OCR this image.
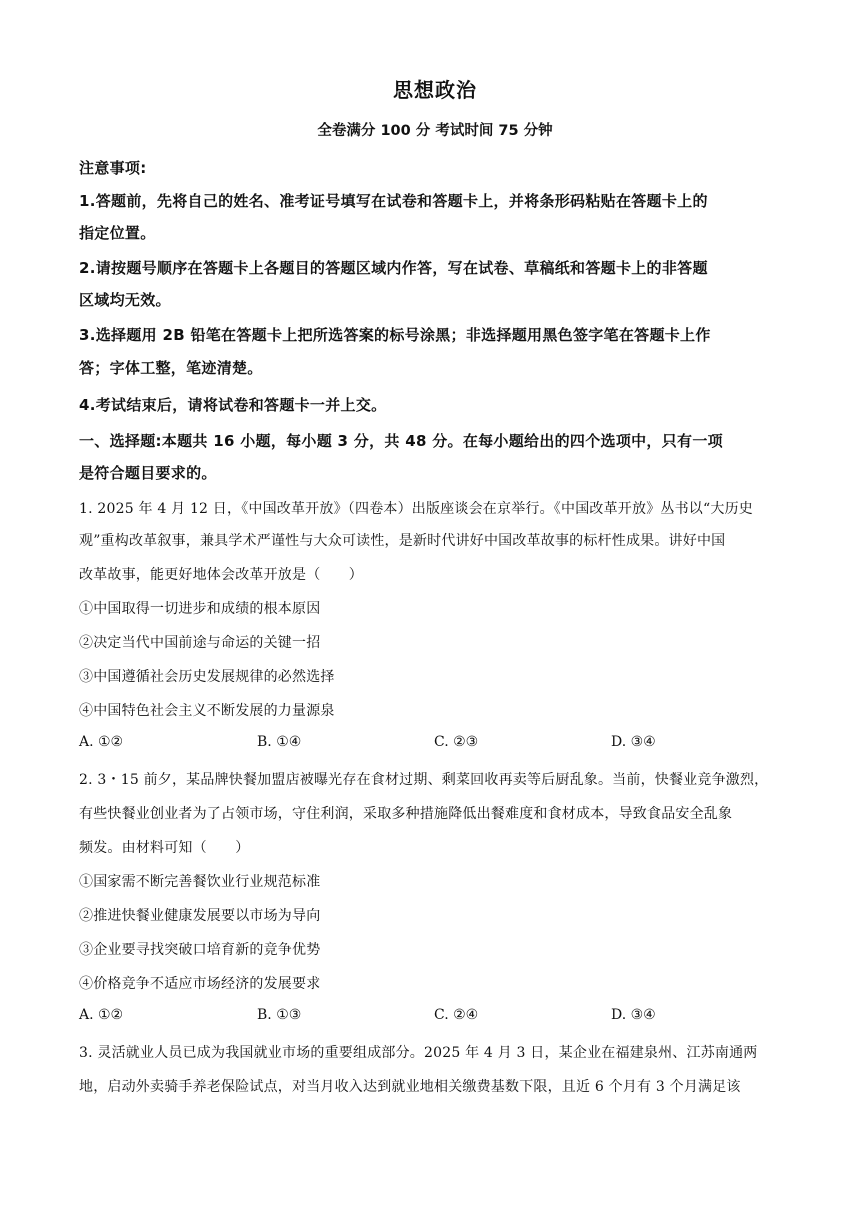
思想政治
全卷满分 100 分 考试时间 75 分钟
注意事项:
1.答题前，先将自己的姓名、准考证号填写在试卷和答题卡上，并将条形码粘贴在答题卡上的
指定位置。
2.请按题号顺序在答题卡上各题目的答题区域内作答，写在试卷、草稿纸和答题卡上的非答题
区域均无效。
3.选择题用 2B 铅笔在答题卡上把所选答案的标号涂黑；非选择题用黑色签字笔在答题卡上作
答；字体工整，笔迹清楚。
4.考试结束后，请将试卷和答题卡一并上交。
一、选择题:本题共 16 小题，每小题 3 分，共 48 分。在每小题给出的四个选项中，只有一项
是符合题目要求的。
1. 2025 年 4 月 12 日，《中国改革开放》（四卷本）出版座谈会在京举行。《中国改革开放》丛书以“大历史
观”重构改革叙事，兼具学术严谨性与大众可读性，是新时代讲好中国改革故事的标杆性成果。讲好中国
改革故事，能更好地体会改革开放是（　　）
①中国取得一切进步和成绩的根本原因
②决定当代中国前途与命运的关键一招
③中国遵循社会历史发展规律的必然选择
④中国特色社会主义不断发展的力量源泉
A. ①②	B. ①④	C. ②③	D. ③④
2. 3・15 前夕，某品牌快餐加盟店被曝光存在食材过期、剩菜回收再卖等后厨乱象。当前，快餐业竞争激烈，
有些快餐业创业者为了占领市场，守住利润，采取多种措施降低出餐难度和食材成本，导致食品安全乱象
频发。由材料可知（　　）
①国家需不断完善餐饮业行业规范标准
②推进快餐业健康发展要以市场为导向
③企业要寻找突破口培育新的竞争优势
④价格竞争不适应市场经济的发展要求
A. ①②	B. ①③	C. ②④	D. ③④
3. 灵活就业人员已成为我国就业市场的重要组成部分。2025 年 4 月 3 日，某企业在福建泉州、江苏南通两
地，启动外卖骑手养老保险试点，对当月收入达到就业地相关缴费基数下限，且近 6 个月有 3 个月满足该
